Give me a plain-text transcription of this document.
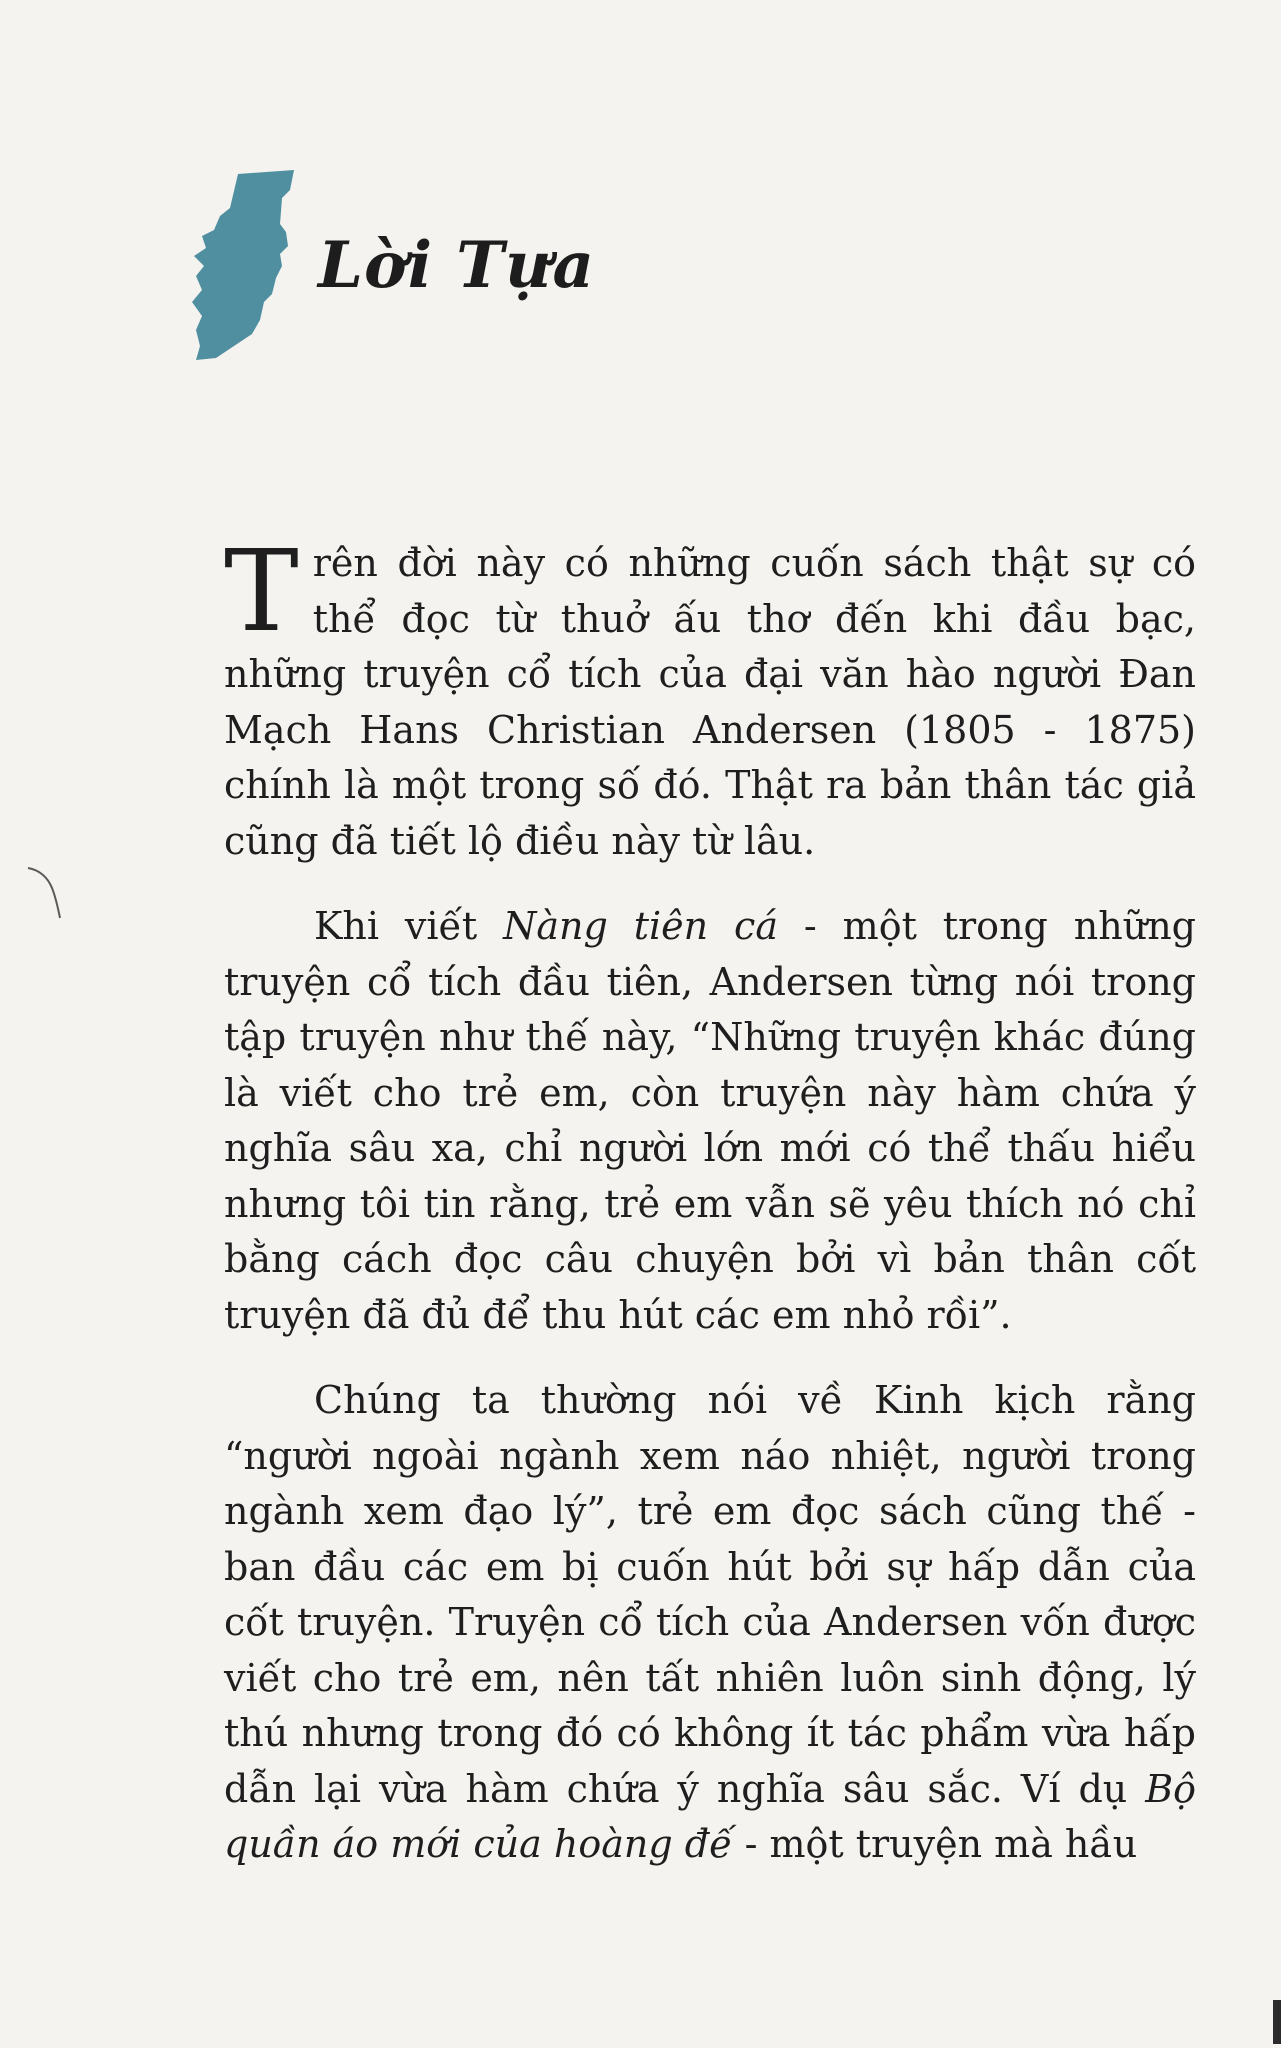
Lời Tựa

Trên đời này có những cuốn sách thật sự có thể đọc từ thuở ấu thơ đến khi đầu bạc, những truyện cổ tích của đại văn hào người Đan Mạch Hans Christian Andersen (1805 - 1875) chính là một trong số đó. Thật ra bản thân tác giả cũng đã tiết lộ điều này từ lâu.

Khi viết Nàng tiên cá - một trong những truyện cổ tích đầu tiên, Andersen từng nói trong tập truyện như thế này, “Những truyện khác đúng là viết cho trẻ em, còn truyện này hàm chứa ý nghĩa sâu xa, chỉ người lớn mới có thể thấu hiểu nhưng tôi tin rằng, trẻ em vẫn sẽ yêu thích nó chỉ bằng cách đọc câu chuyện bởi vì bản thân cốt truyện đã đủ để thu hút các em nhỏ rồi”.

Chúng ta thường nói về Kinh kịch rằng “người ngoài ngành xem náo nhiệt, người trong ngành xem đạo lý”, trẻ em đọc sách cũng thế - ban đầu các em bị cuốn hút bởi sự hấp dẫn của cốt truyện. Truyện cổ tích của Andersen vốn được viết cho trẻ em, nên tất nhiên luôn sinh động, lý thú nhưng trong đó có không ít tác phẩm vừa hấp dẫn lại vừa hàm chứa ý nghĩa sâu sắc. Ví dụ Bộ quần áo mới của hoàng đế - một truyện mà hầu
